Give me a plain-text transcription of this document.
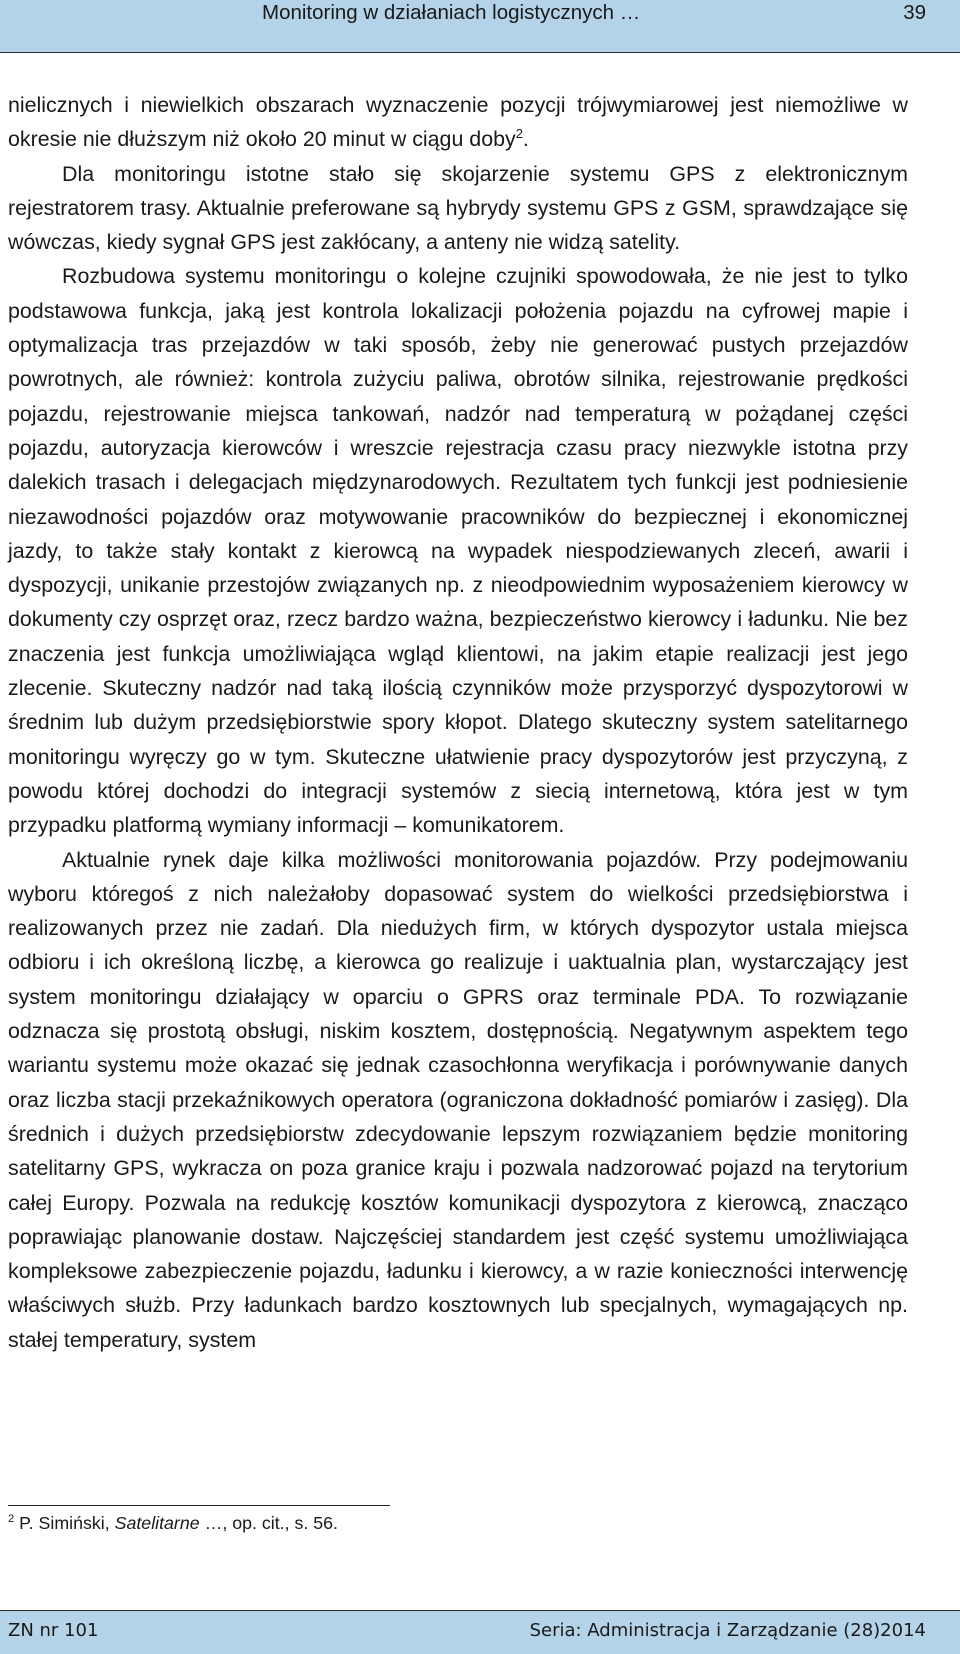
Monitoring w działaniach logistycznych …	39

nielicznych i niewielkich obszarach wyznaczenie pozycji trójwymiarowej jest niemożliwe w okresie nie dłuższym niż około 20 minut w ciągu doby$^2$.

Dla monitoringu istotne stało się skojarzenie systemu GPS z elektronicznym rejestratorem trasy. Aktualnie preferowane są hybrydy systemu GPS z GSM, sprawdzające się wówczas, kiedy sygnał GPS jest zakłócany, a anteny nie widzą satelity.

Rozbudowa systemu monitoringu o kolejne czujniki spowodowała, że nie jest to tylko podstawowa funkcja, jaką jest kontrola lokalizacji położenia pojazdu na cyfrowej mapie i optymalizacja tras przejazdów w taki sposób, żeby nie generować pustych przejazdów powrotnych, ale również: kontrola zużyciu paliwa, obrotów silnika, rejestrowanie prędkości pojazdu, rejestrowanie miejsca tankowań, nadzór nad temperaturą w pożądanej części pojazdu, autoryzacja kierowców i wreszcie rejestracja czasu pracy niezwykle istotna przy dalekich trasach i delegacjach międzynarodowych. Rezultatem tych funkcji jest podniesienie niezawodności pojazdów oraz motywowanie pracowników do bezpiecznej i ekonomicznej jazdy, to także stały kontakt z kierowcą na wypadek niespodziewanych zleceń, awarii i dyspozycji, unikanie przestojów związanych np. z nieodpowiednim wyposażeniem kierowcy w dokumenty czy osprzęt oraz, rzecz bardzo ważna, bezpieczeństwo kierowcy i ładunku. Nie bez znaczenia jest funkcja umożliwiająca wgląd klientowi, na jakim etapie realizacji jest jego zlecenie. Skuteczny nadzór nad taką ilością czynników może przysporzyć dyspozytorowi w średnim lub dużym przedsiębiorstwie spory kłopot. Dlatego skuteczny system satelitarnego monitoringu wyręczy go w tym. Skuteczne ułatwienie pracy dyspozytorów jest przyczyną, z powodu której dochodzi do integracji systemów z siecią internetową, która jest w tym przypadku platformą wymiany informacji – komunikatorem.

Aktualnie rynek daje kilka możliwości monitorowania pojazdów. Przy podejmowaniu wyboru któregoś z nich należałoby dopasować system do wielkości przedsiębiorstwa i realizowanych przez nie zadań. Dla niedużych firm, w których dyspozytor ustala miejsca odbioru i ich określoną liczbę, a kierowca go realizuje i uaktualnia plan, wystarczający jest system monitoringu działający w oparciu o GPRS oraz terminale PDA. To rozwiązanie odznacza się prostotą obsługi, niskim kosztem, dostępnością. Negatywnym aspektem tego wariantu systemu może okazać się jednak czasochłonna weryfikacja i porównywanie danych oraz liczba stacji przekaźnikowych operatora (ograniczona dokładność pomiarów i zasięg). Dla średnich i dużych przedsiębiorstw zdecydowanie lepszym rozwiązaniem będzie monitoring satelitarny GPS, wykracza on poza granice kraju i pozwala nadzorować pojazd na terytorium całej Europy. Pozwala na redukcję kosztów komunikacji dyspozytora z kierowcą, znacząco poprawiając planowanie dostaw. Najczęściej standardem jest część systemu umożliwiająca kompleksowe zabezpieczenie pojazdu, ładunku i kierowcy, a w razie konieczności interwencję właściwych służb. Przy ładunkach bardzo kosztownych lub specjalnych, wymagających np. stałej temperatury, system

$^2$ P. Simiński, Satelitarne …, op. cit., s. 56.
ZN nr 101	Seria: Administracja i Zarządzanie (28)2014
